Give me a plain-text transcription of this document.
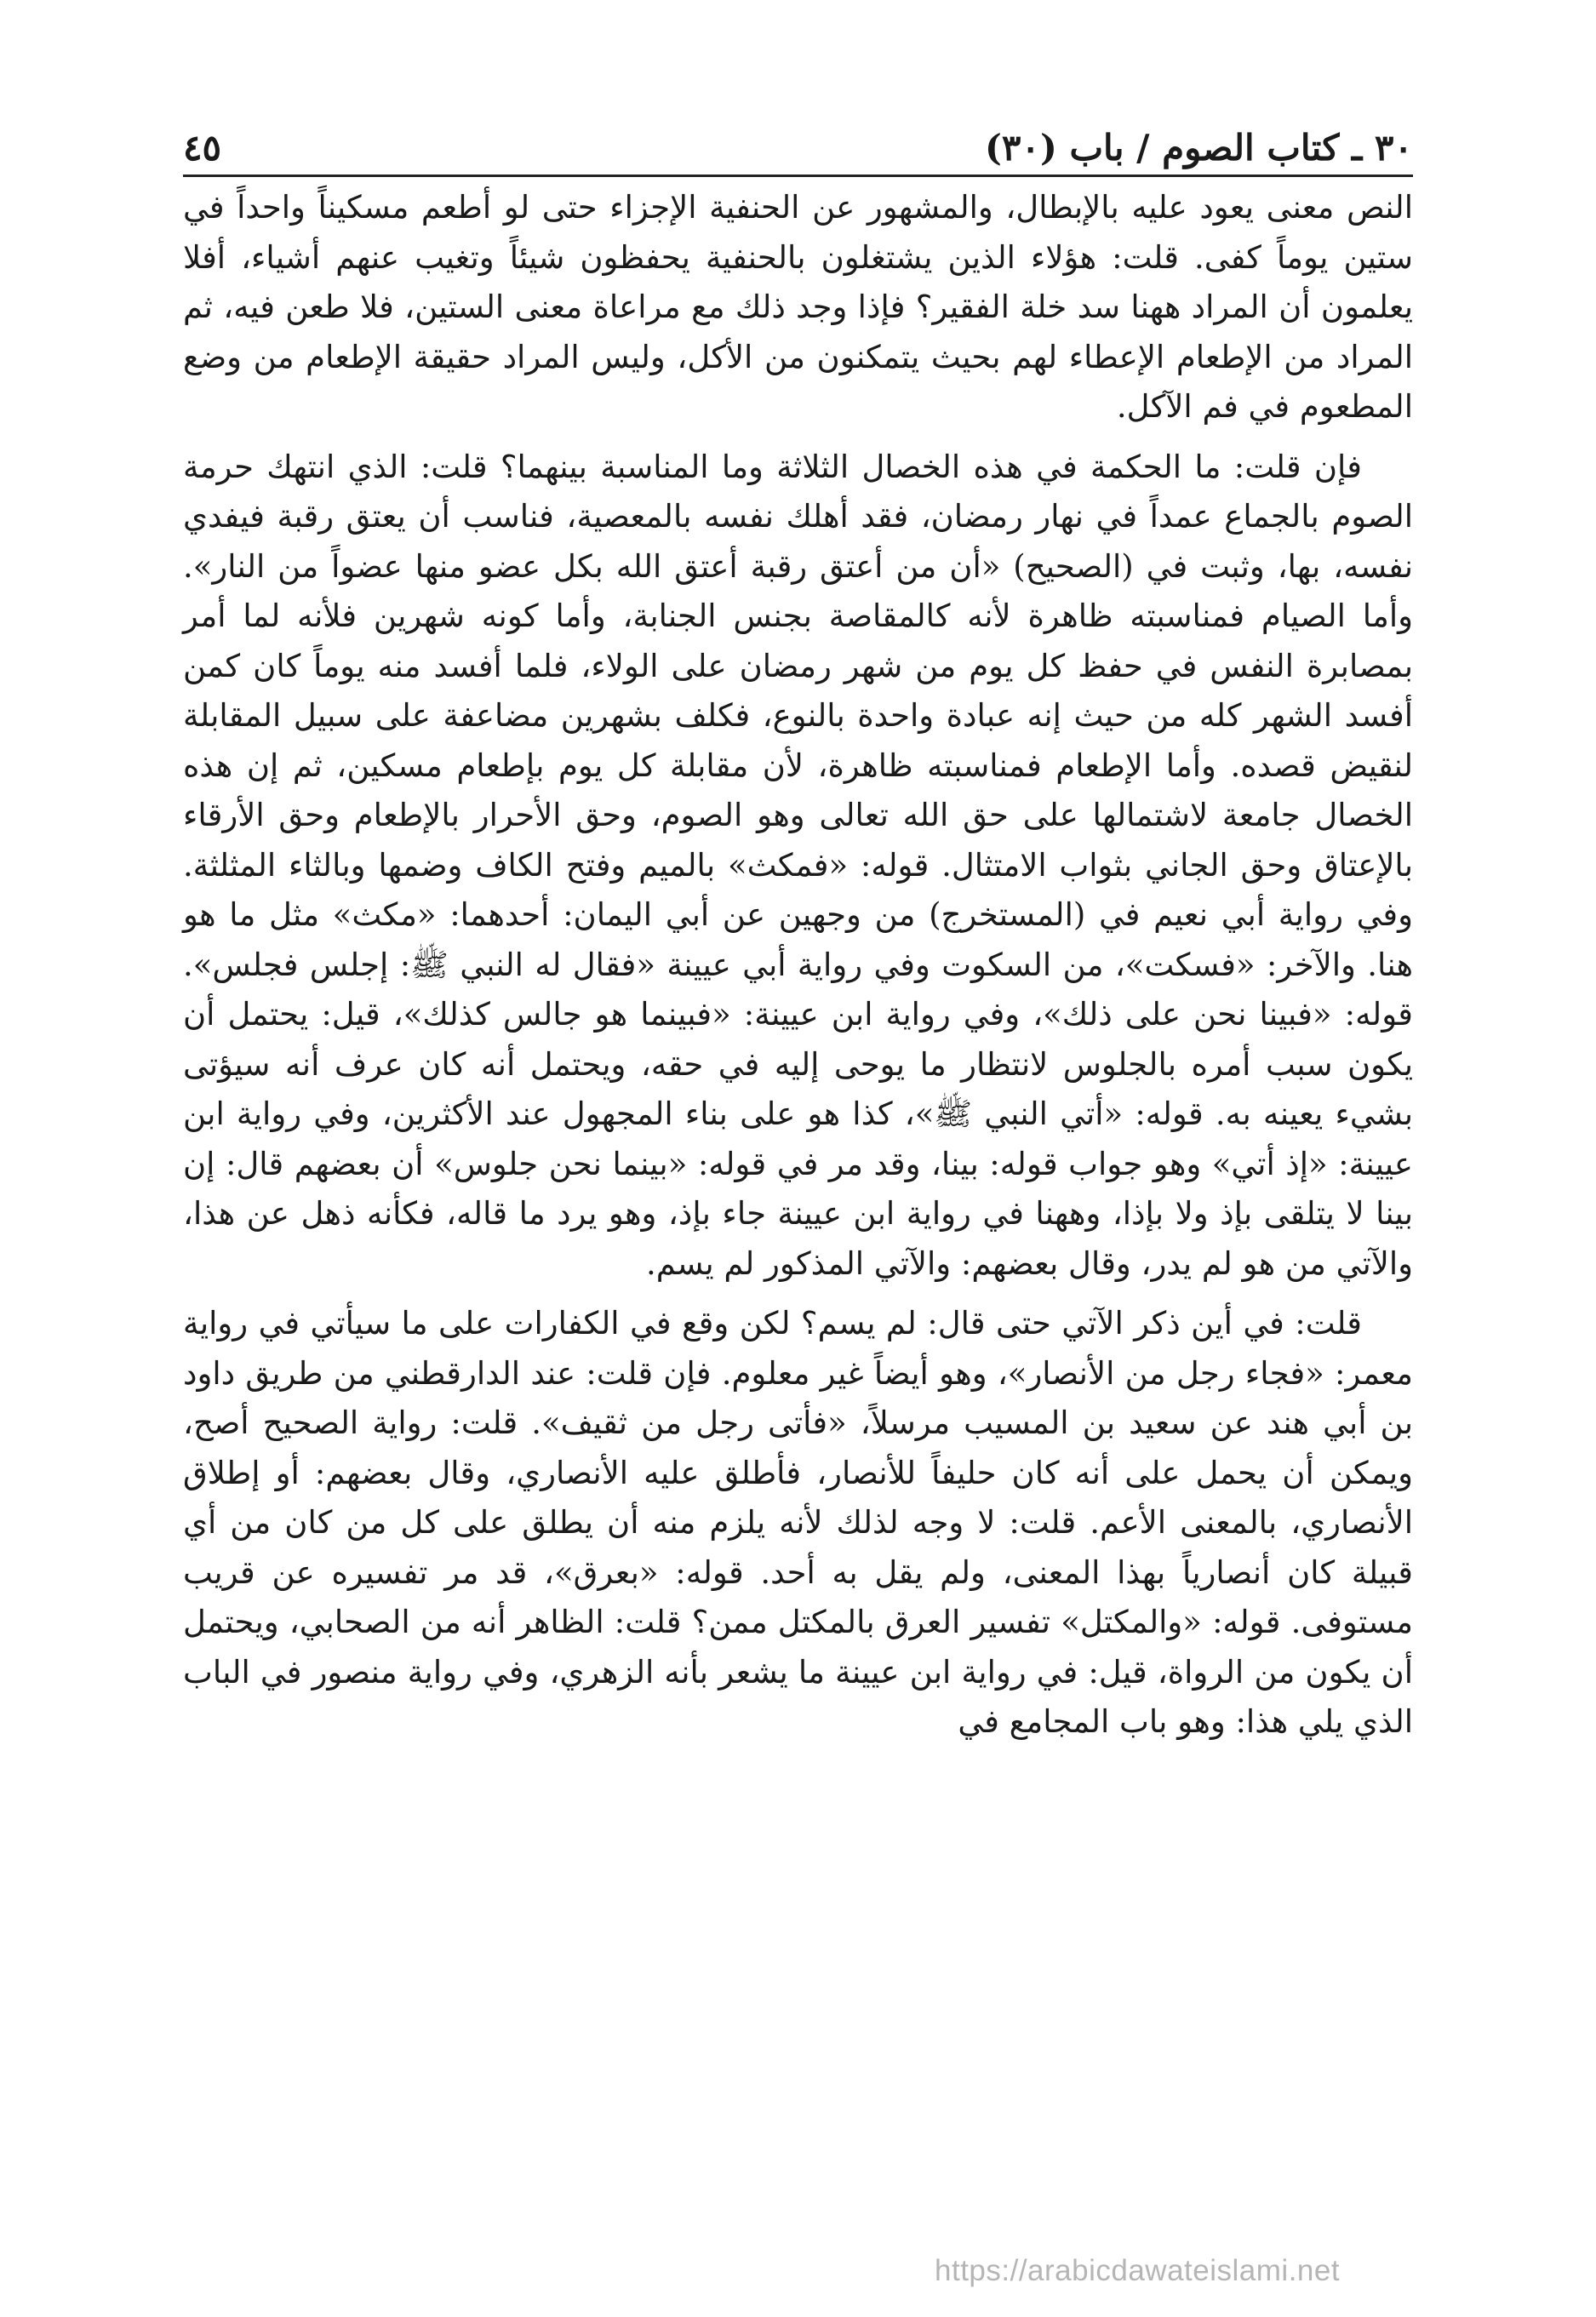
٣٠ ـ كتاب الصوم / باب (٣٠)
٤٥

النص معنى يعود عليه بالإبطال، والمشهور عن الحنفية الإجزاء حتى لو أطعم مسكيناً واحداً في ستين يوماً كفى. قلت: هؤلاء الذين يشتغلون بالحنفية يحفظون شيئاً وتغيب عنهم أشياء، أفلا يعلمون أن المراد ههنا سد خلة الفقير؟ فإذا وجد ذلك مع مراعاة معنى الستين، فلا طعن فيه، ثم المراد من الإطعام الإعطاء لهم بحيث يتمكنون من الأكل، وليس المراد حقيقة الإطعام من وضع المطعوم في فم الآكل.

فإن قلت: ما الحكمة في هذه الخصال الثلاثة وما المناسبة بينهما؟ قلت: الذي انتهك حرمة الصوم بالجماع عمداً في نهار رمضان، فقد أهلك نفسه بالمعصية، فناسب أن يعتق رقبة فيفدي نفسه، بها، وثبت في (الصحيح) «أن من أعتق رقبة أعتق الله بكل عضو منها عضواً من النار». وأما الصيام فمناسبته ظاهرة لأنه كالمقاصة بجنس الجنابة، وأما كونه شهرين فلأنه لما أمر بمصابرة النفس في حفظ كل يوم من شهر رمضان على الولاء، فلما أفسد منه يوماً كان كمن أفسد الشهر كله من حيث إنه عبادة واحدة بالنوع، فكلف بشهرين مضاعفة على سبيل المقابلة لنقيض قصده. وأما الإطعام فمناسبته ظاهرة، لأن مقابلة كل يوم بإطعام مسكين، ثم إن هذه الخصال جامعة لاشتمالها على حق الله تعالى وهو الصوم، وحق الأحرار بالإطعام وحق الأرقاء بالإعتاق وحق الجاني بثواب الامتثال. قوله: «فمكث» بالميم وفتح الكاف وضمها وبالثاء المثلثة. وفي رواية أبي نعيم في (المستخرج) من وجهين عن أبي اليمان: أحدهما: «مكث» مثل ما هو هنا. والآخر: «فسكت»، من السكوت وفي رواية أبي عيينة «فقال له النبي ﷺ: إجلس فجلس». قوله: «فبينا نحن على ذلك»، وفي رواية ابن عيينة: «فبينما هو جالس كذلك»، قيل: يحتمل أن يكون سبب أمره بالجلوس لانتظار ما يوحى إليه في حقه، ويحتمل أنه كان عرف أنه سيؤتى بشيء يعينه به. قوله: «أتي النبي ﷺ»، كذا هو على بناء المجهول عند الأكثرين، وفي رواية ابن عيينة: «إذ أتي» وهو جواب قوله: بينا، وقد مر في قوله: «بينما نحن جلوس» أن بعضهم قال: إن بينا لا يتلقى بإذ ولا بإذا، وههنا في رواية ابن عيينة جاء بإذ، وهو يرد ما قاله، فكأنه ذهل عن هذا، والآتي من هو لم يدر، وقال بعضهم: والآتي المذكور لم يسم.

قلت: في أين ذكر الآتي حتى قال: لم يسم؟ لكن وقع في الكفارات على ما سيأتي في رواية معمر: «فجاء رجل من الأنصار»، وهو أيضاً غير معلوم. فإن قلت: عند الدارقطني من طريق داود بن أبي هند عن سعيد بن المسيب مرسلاً، «فأتى رجل من ثقيف». قلت: رواية الصحيح أصح، ويمكن أن يحمل على أنه كان حليفاً للأنصار، فأطلق عليه الأنصاري، وقال بعضهم: أو إطلاق الأنصاري، بالمعنى الأعم. قلت: لا وجه لذلك لأنه يلزم منه أن يطلق على كل من كان من أي قبيلة كان أنصارياً بهذا المعنى، ولم يقل به أحد. قوله: «بعرق»، قد مر تفسيره عن قريب مستوفى. قوله: «والمكتل» تفسير العرق بالمكتل ممن؟ قلت: الظاهر أنه من الصحابي، ويحتمل أن يكون من الرواة، قيل: في رواية ابن عيينة ما يشعر بأنه الزهري، وفي رواية منصور في الباب الذي يلي هذا: وهو باب المجامع في

https://arabicdawateislami.net
